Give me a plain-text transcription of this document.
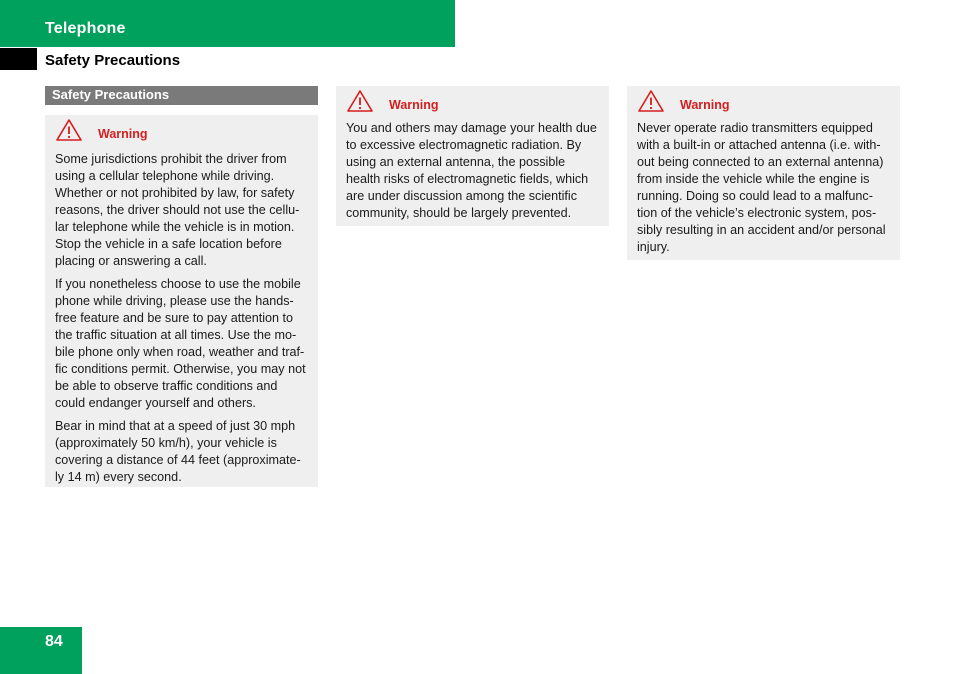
Telephone
Safety Precautions
Safety Precautions
Warning

Some jurisdictions prohibit the driver from using a cellular telephone while driving. Whether or not prohibited by law, for safety reasons, the driver should not use the cellu-lar telephone while the vehicle is in motion. Stop the vehicle in a safe location before placing or answering a call.

If you nonetheless choose to use the mobile phone while driving, please use the hands-free feature and be sure to pay attention to the traffic situation at all times. Use the mo-bile phone only when road, weather and traf-fic conditions permit. Otherwise, you may not be able to observe traffic conditions and could endanger yourself and others.

Bear in mind that at a speed of just 30 mph (approximately 50 km/h), your vehicle is covering a distance of 44 feet (approximate-ly 14 m) every second.

Warning

You and others may damage your health due to excessive electromagnetic radiation. By using an external antenna, the possible health risks of electromagnetic fields, which are under discussion among the scientific community, should be largely prevented.

Warning

Never operate radio transmitters equipped with a built-in or attached antenna (i.e. with-out being connected to an external antenna) from inside the vehicle while the engine is running. Doing so could lead to a malfunc-tion of the vehicle’s electronic system, pos-sibly resulting in an accident and/or personal injury.

84
